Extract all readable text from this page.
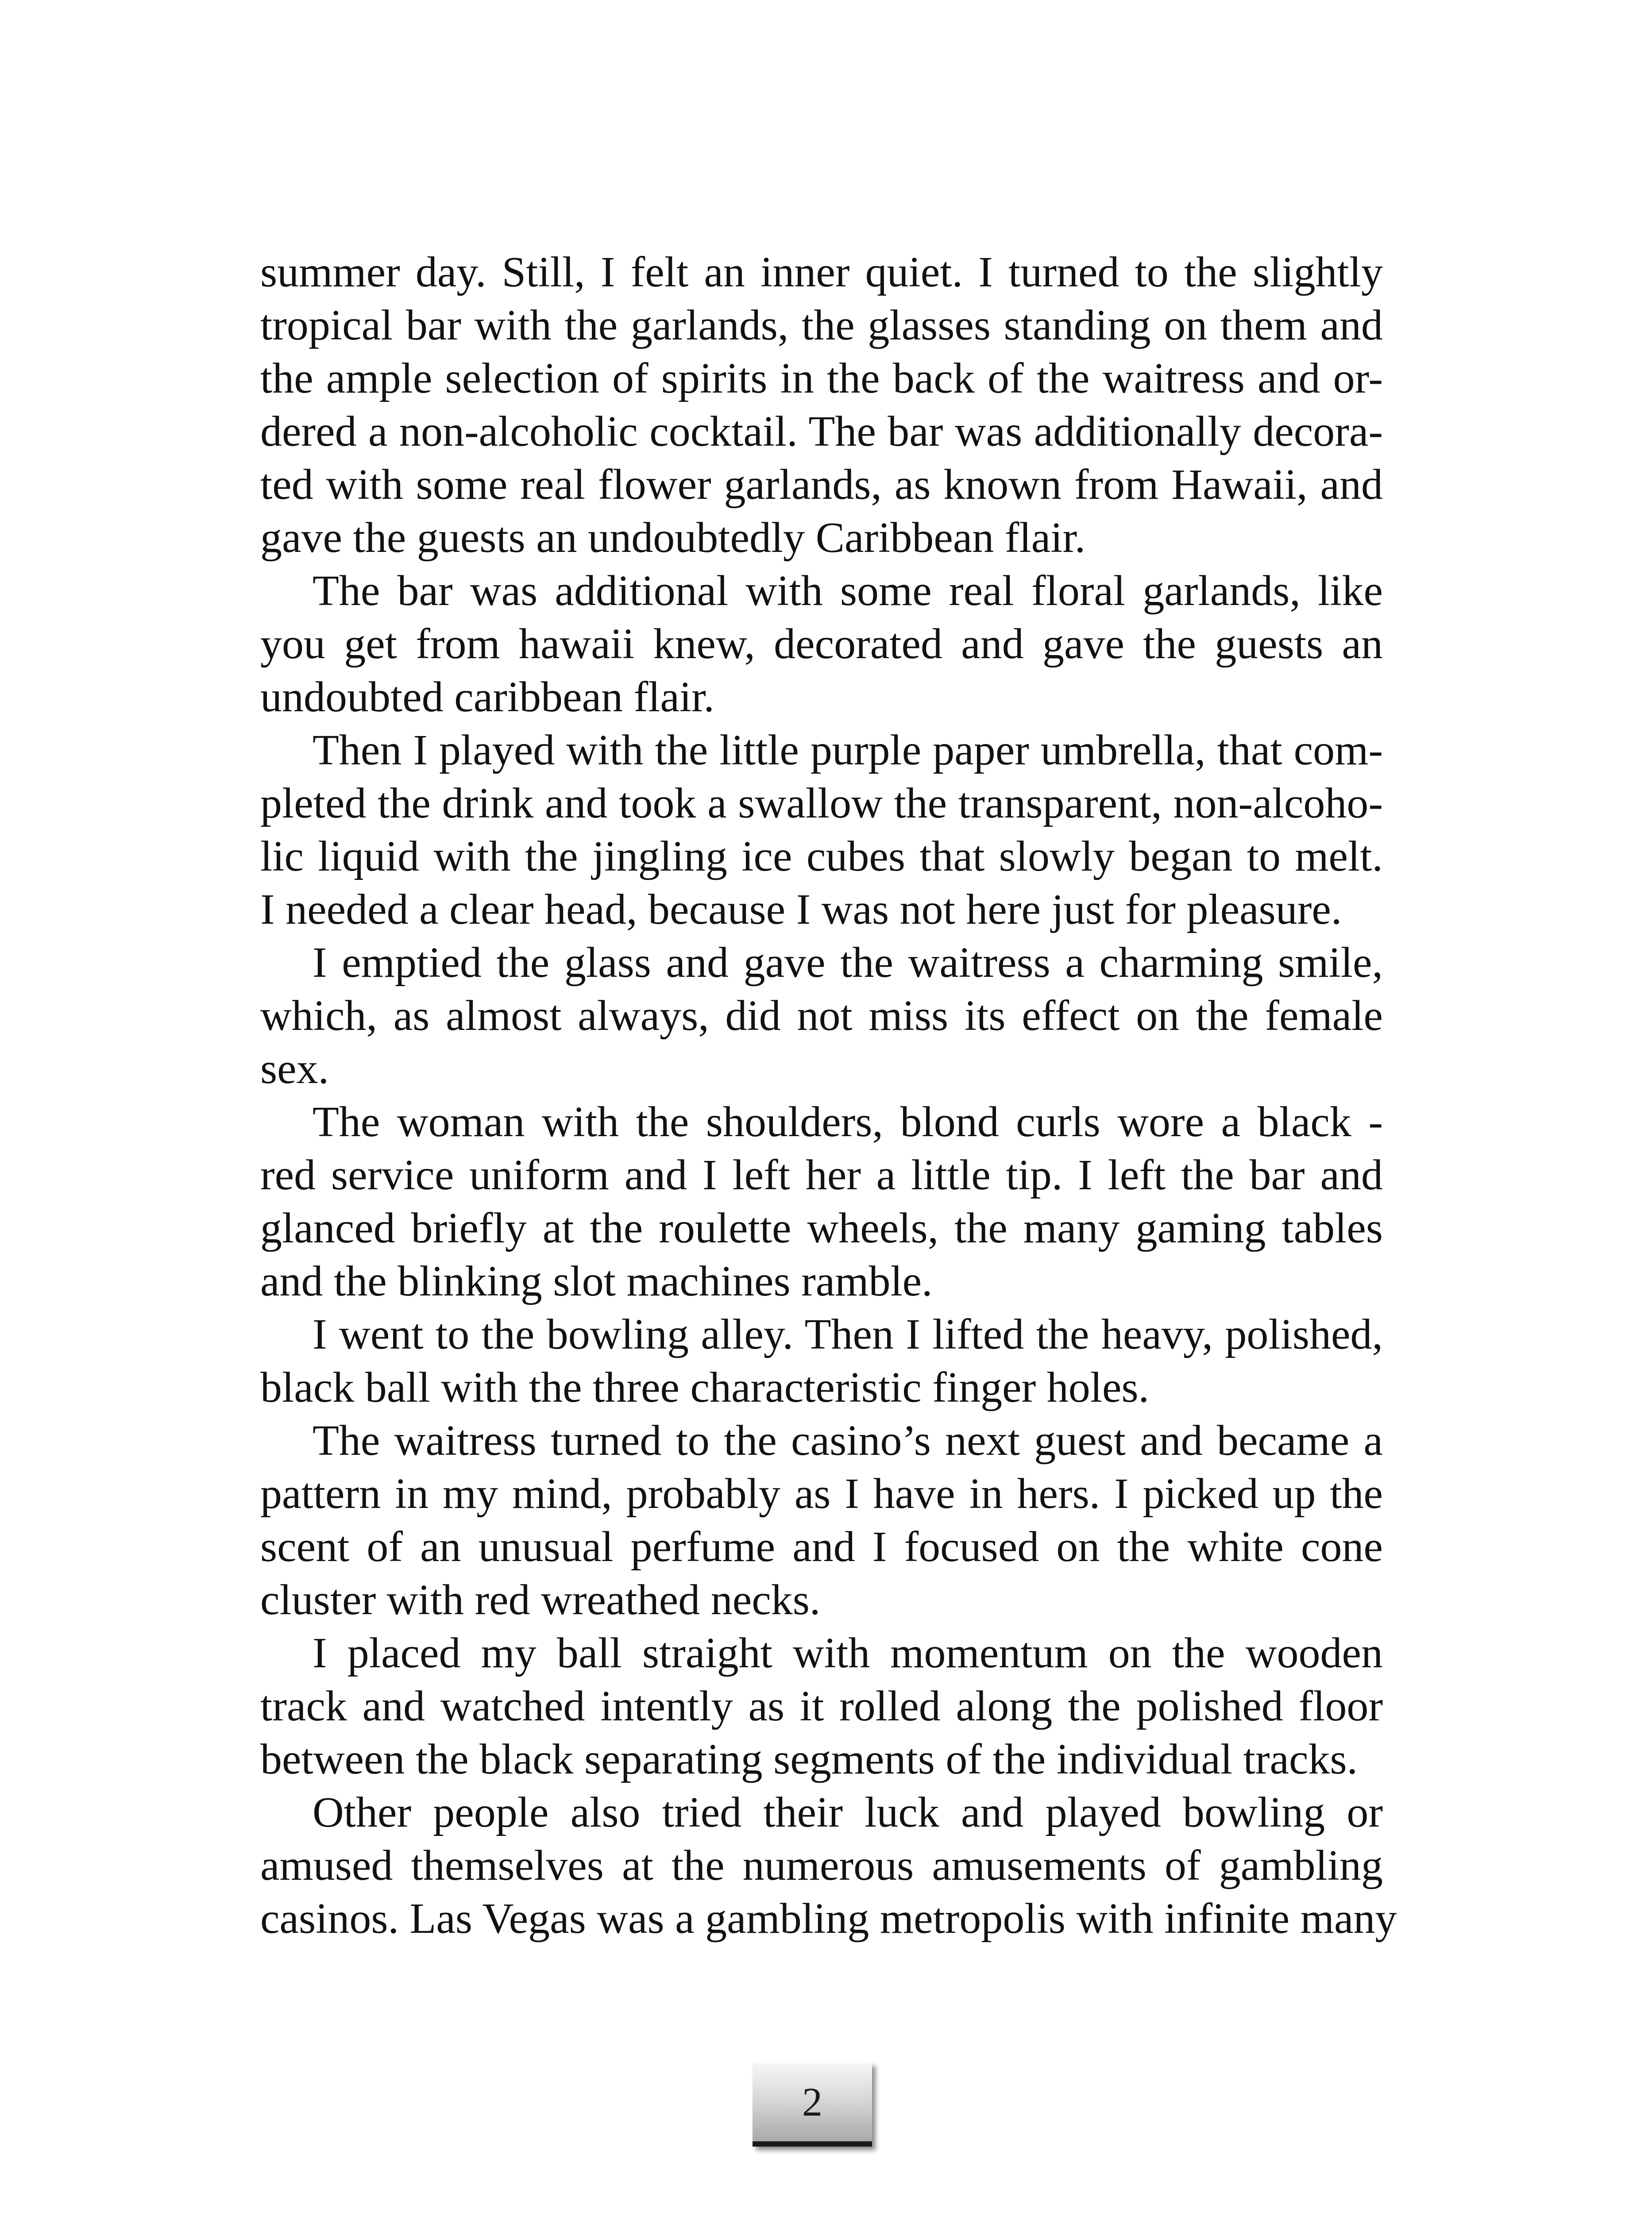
summer day. Still, I felt an inner quiet. I turned to the slightly
tropical bar with the garlands, the glasses standing on them and
the ample selection of spirits in the back of the waitress and or-
dered a non-alcoholic cocktail. The bar was additionally decora-
ted with some real flower garlands, as known from Hawaii, and
gave the guests an undoubtedly Caribbean flair.
The bar was additional with some real floral garlands, like
you get from hawaii knew, decorated and gave the guests an
undoubted caribbean flair.
Then I played with the little purple paper umbrella, that com-
pleted the drink and took a swallow the transparent, non-alcoho-
lic liquid with the jingling ice cubes that slowly began to melt.
I needed a clear head, because I was not here just for pleasure.
I emptied the glass and gave the waitress a charming smile,
which, as almost always, did not miss its effect on the female
sex.
The woman with the shoulders, blond curls wore a black -
red service uniform and I left her a little tip. I left the bar and
glanced briefly at the roulette wheels, the many gaming tables
and the blinking slot machines ramble.
I went to the bowling alley. Then I lifted the heavy, polished,
black ball with the three characteristic finger holes.
The waitress turned to the casino’s next guest and became a
pattern in my mind, probably as I have in hers. I picked up the
scent of an unusual perfume and I focused on the white cone
cluster with red wreathed necks.
I placed my ball straight with momentum on the wooden
track and watched intently as it rolled along the polished floor
between the black separating segments of the individual tracks.
Other people also tried their luck and played bowling or
amused themselves at the numerous amusements of gambling
casinos. Las Vegas was a gambling metropolis with infinite many
2
